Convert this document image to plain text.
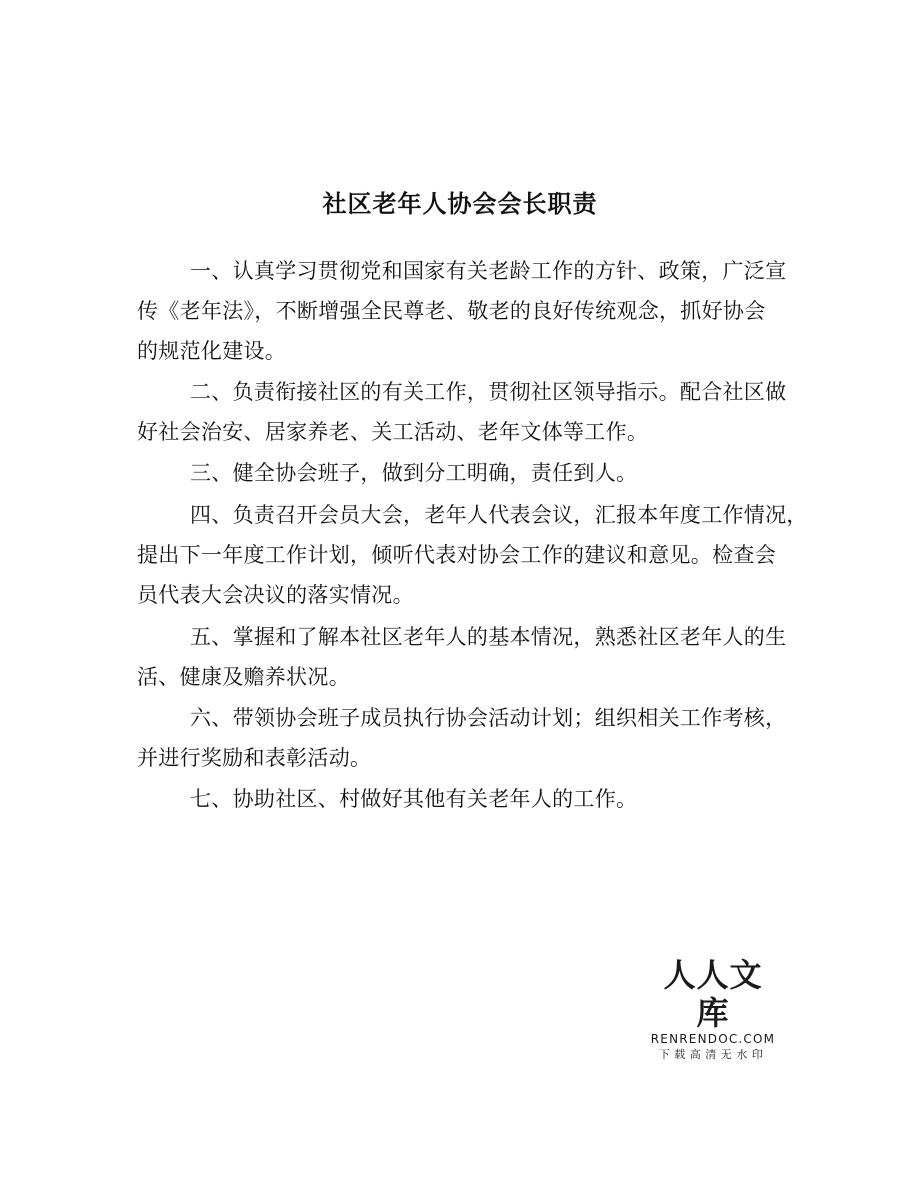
社区老年人协会会长职责
一、认真学习贯彻党和国家有关老龄工作的方针、政策，广泛宣
传《老年法》，不断增强全民尊老、敬老的良好传统观念，抓好协会
的规范化建设。
二、负责衔接社区的有关工作，贯彻社区领导指示。配合社区做
好社会治安、居家养老、关工活动、老年文体等工作。
三、健全协会班子，做到分工明确，责任到人。
四、负责召开会员大会，老年人代表会议，汇报本年度工作情况，
提出下一年度工作计划，倾听代表对协会工作的建议和意见。检查会
员代表大会决议的落实情况。
五、掌握和了解本社区老年人的基本情况，熟悉社区老年人的生
活、健康及赡养状况。
六、带领协会班子成员执行协会活动计划；组织相关工作考核，
并进行奖励和表彰活动。
七、协助社区、村做好其他有关老年人的工作。
人人文库
RENRENDOC.COM
下载高清无水印
